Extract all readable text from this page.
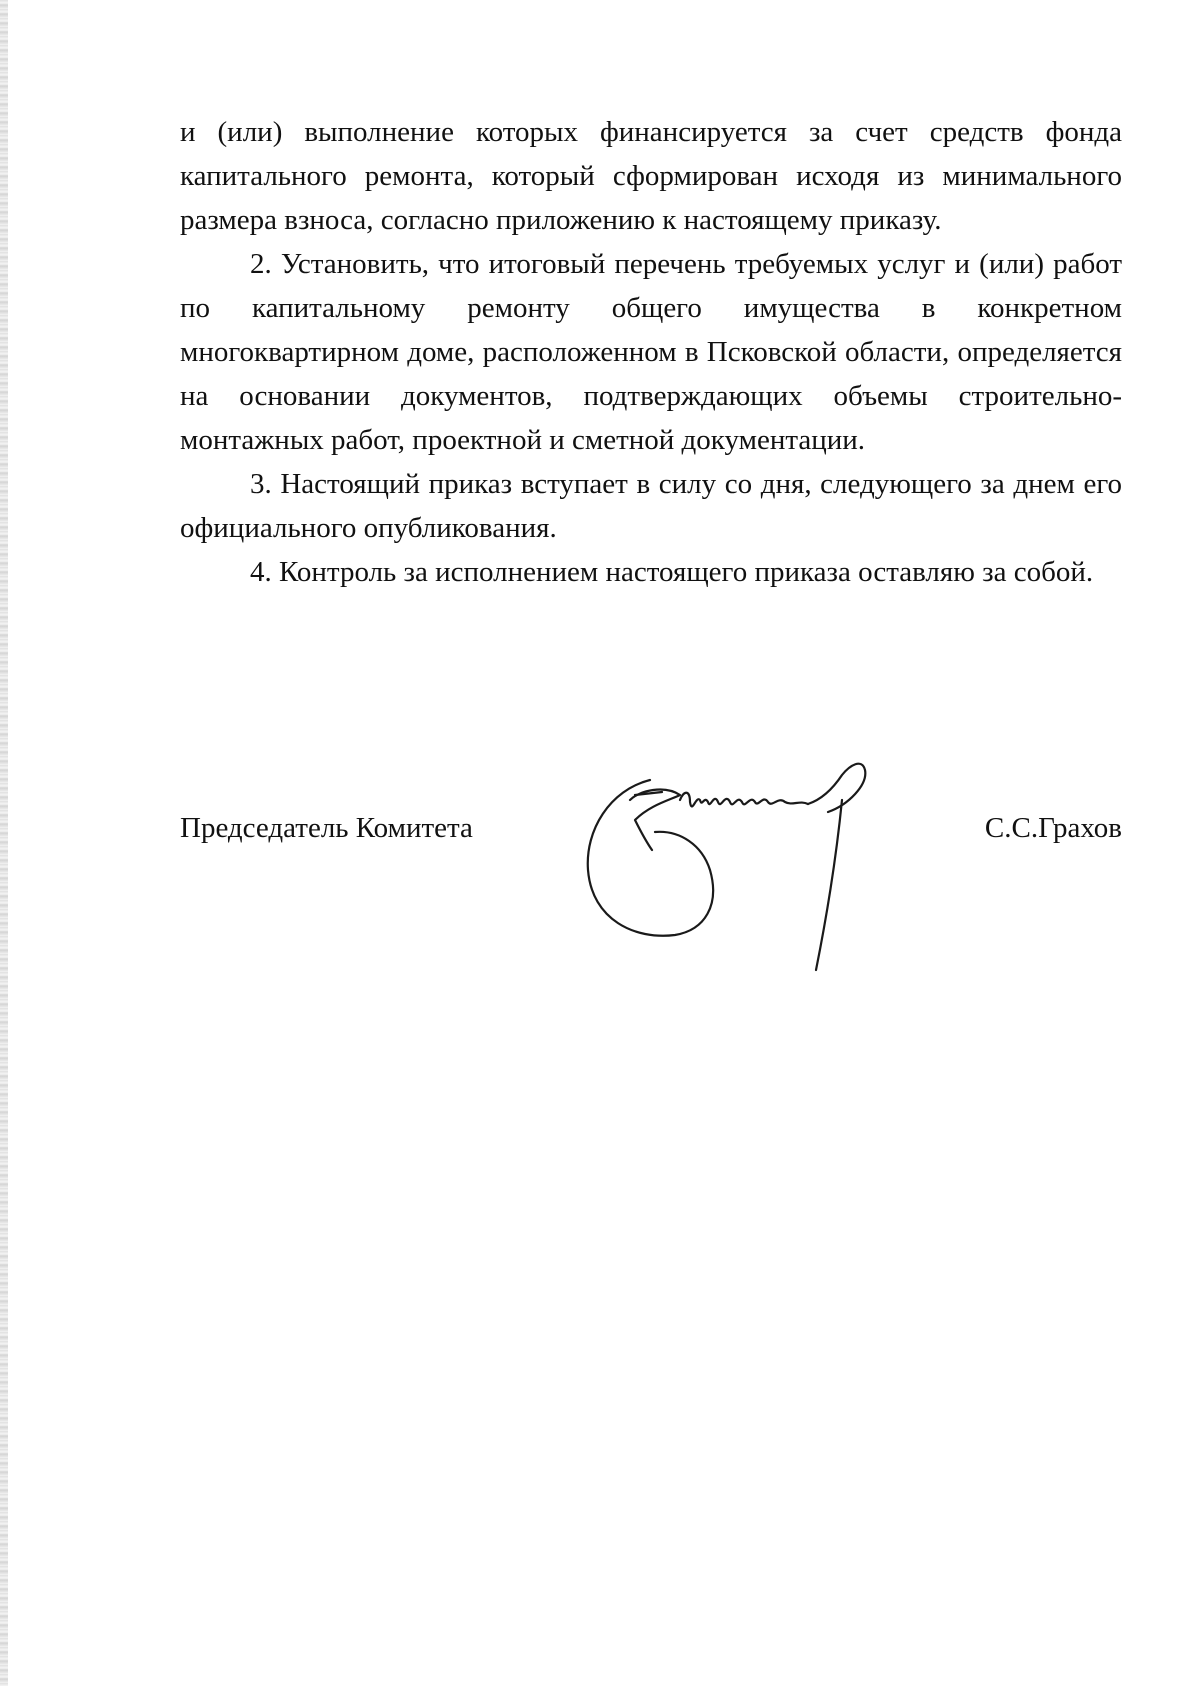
и (или) выполнение которых финансируется за счет средств фонда капитального ремонта, который сформирован исходя из минимального размера взноса, согласно приложению к настоящему приказу.

2. Установить, что итоговый перечень требуемых услуг и (или) работ по капитальному ремонту общего имущества в конкретном многоквартирном доме, расположенном в Псковской области, определяется на основании документов, подтверждающих объемы строительно-монтажных работ, проектной и сметной документации.

3. Настоящий приказ вступает в силу со дня, следующего за днем его официального опубликования.

4. Контроль за исполнением настоящего приказа оставляю за собой.

Председатель Комитета	С.С.Грахов
